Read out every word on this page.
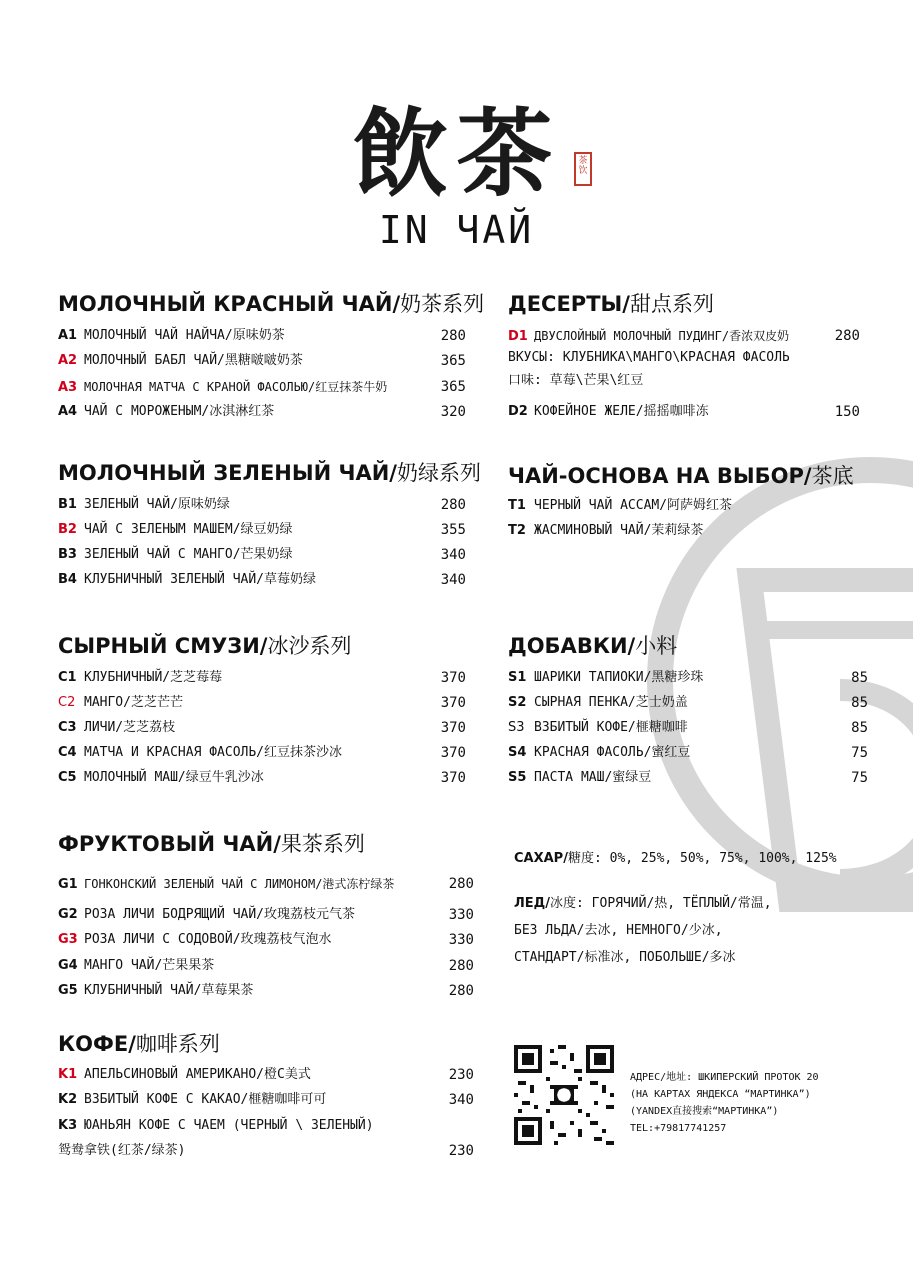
飲茶	茶饮
IN ЧАЙ
МОЛОЧНЫЙ КРАСНЫЙ ЧАЙ/奶茶系列
A1 МОЛОЧНЫЙ ЧАЙ НАЙЧА/原味奶茶	280
A2 МОЛОЧНЫЙ БАБЛ ЧАЙ/黑糖啵啵奶茶	365
A3 МОЛОЧНАЯ МАТЧА С КРАНОЙ ФАСОЛЬЮ/红豆抹茶牛奶	365
A4 ЧАЙ С МОРОЖЕНЫМ/冰淇淋红茶	320
МОЛОЧНЫЙ ЗЕЛЕНЫЙ ЧАЙ/奶绿系列
B1 ЗЕЛЕНЫЙ ЧАЙ/原味奶绿	280
B2 ЧАЙ С ЗЕЛЕНЫМ МАШЕМ/绿豆奶绿	355
B3 ЗЕЛЕНЫЙ ЧАЙ С МАНГО/芒果奶绿	340
B4 КЛУБНИЧНЫЙ ЗЕЛЕНЫЙ ЧАЙ/草莓奶绿	340
СЫРНЫЙ СМУЗИ/冰沙系列
C1 КЛУБНИЧНЫЙ/芝芝莓莓	370
C2 МАНГО/芝芝芒芒	370
C3 ЛИЧИ/芝芝荔枝	370
C4 МАТЧА И КРАСНАЯ ФАСОЛЬ/红豆抹茶沙冰	370
C5 МОЛОЧНЫЙ МАШ/绿豆牛乳沙冰	370
ФРУКТОВЫЙ ЧАЙ/果茶系列
G1 ГОНКОНСКИЙ ЗЕЛЕНЫЙ ЧАЙ С ЛИМОНОМ/港式冻柠绿茶	280
G2 РОЗА ЛИЧИ БОДРЯЩИЙ ЧАЙ/玫瑰荔枝元气茶	330
G3 РОЗА ЛИЧИ С СОДОВОЙ/玫瑰荔枝气泡水	330
G4 МАНГО ЧАЙ/芒果果茶	280
G5 КЛУБНИЧНЫЙ ЧАЙ/草莓果茶	280
КОФЕ/咖啡系列
K1 АПЕЛЬСИНОВЫЙ АМЕРИКАНО/橙C美式	230
K2 ВЗБИТЫЙ КОФЕ С КАКАО/榧糖咖啡可可	340
K3 ЮАНЬЯН КОФЕ С ЧАЕМ (ЧЕРНЫЙ \ ЗЕЛЕНЫЙ)
鸳鸯拿铁(红茶/绿茶)	230
ДЕСЕРТЫ/甜点系列
D1 ДВУСЛОЙНЫЙ МОЛОЧНЫЙ ПУДИНГ/香浓双皮奶	280
ВКУСЫ: КЛУБНИКА\МАНГО\КРАСНАЯ ФАСОЛЬ
口味: 草莓\芒果\红豆
D2 КОФЕЙНОЕ ЖЕЛЕ/摇摇咖啡冻	150
ЧАЙ-ОСНОВА НА ВЫБОР/茶底
T1 ЧЕРНЫЙ ЧАЙ АССАМ/阿萨姆红茶
T2 ЖАСМИНОВЫЙ ЧАЙ/茉莉绿茶
ДОБАВКИ/小料
S1 ШАРИКИ ТАПИОКИ/黑糖珍珠	85
S2 СЫРНАЯ ПЕНКА/芝士奶盖	85
S3 ВЗБИТЫЙ КОФЕ/榧糖咖啡	85
S4 КРАСНАЯ ФАСОЛЬ/蜜红豆	75
S5 ПАСТА МАШ/蜜绿豆	75
САХАР/糖度: 0%, 25%, 50%, 75%, 100%, 125%
ЛЕД/冰度: ГОРЯЧИЙ/热, ТЁПЛЫЙ/常温,
БЕЗ ЛЬДА/去冰, НЕМНОГО/少冰,
СТАНДАРТ/标准冰, ПОБОЛЬШЕ/多冰
АДРЕС/地址: ШКИПЕРСКИЙ ПРОТОК 20
(НА КАРТАХ ЯНДЕКСА “МАРТИНКА”)
(YANDEX直接搜索“МАРТИНКА”)
TEL:+79817741257
